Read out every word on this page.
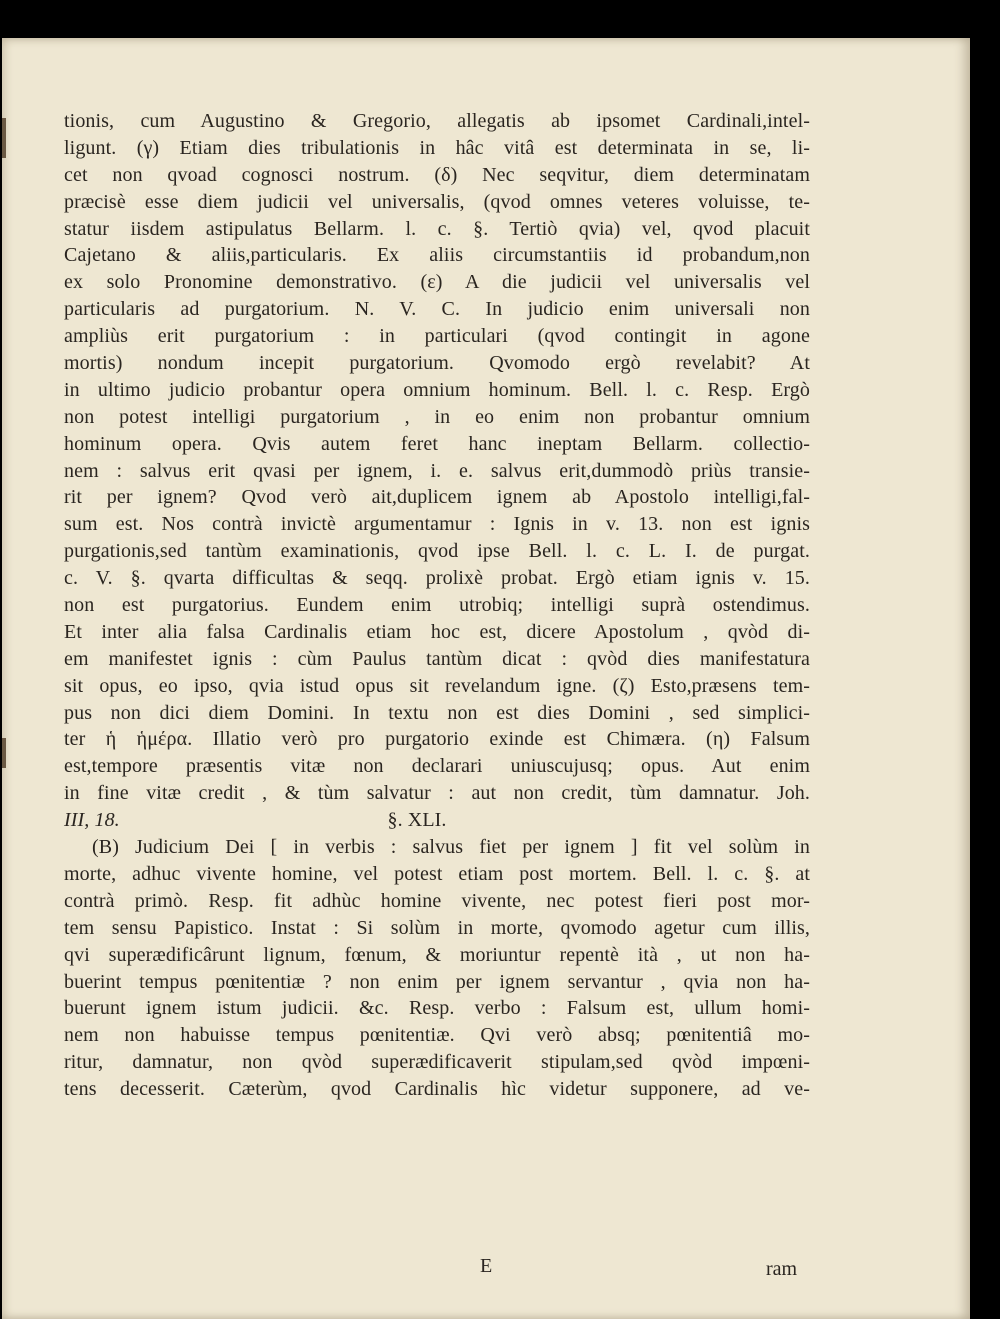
tionis, cum Augustino & Gregorio, allegatis ab ipsomet Cardinali,intel-
ligunt. (γ) Etiam dies tribulationis in hâc vitâ est determinata in se, li-
cet non qvoad cognosci nostrum. (δ) Nec seqvitur, diem determinatam
præcisè esse diem judicii vel universalis, (qvod omnes veteres voluisse, te-
statur iisdem astipulatus Bellarm. l. c. §. Tertiò qvia) vel, qvod placuit
Cajetano & aliis,particularis. Ex aliis circumstantiis id probandum,non
ex solo Pronomine demonstrativo. (ε) A die judicii vel universalis vel
particularis ad purgatorium. N. V. C. In judicio enim universali non
ampliùs erit purgatorium : in particulari (qvod contingit in agone
mortis) nondum incepit purgatorium. Qvomodo ergò revelabit? At
in ultimo judicio probantur opera omnium hominum. Bell. l. c. Resp. Ergò
non potest intelligi purgatorium , in eo enim non probantur omnium
hominum opera. Qvis autem feret hanc ineptam Bellarm. collectio-
nem : salvus erit qvasi per ignem, i. e. salvus erit,dummodò priùs transie-
rit per ignem? Qvod verò ait,duplicem ignem ab Apostolo intelligi,fal-
sum est. Nos contrà invictè argumentamur : Ignis in v. 13. non est ignis
purgationis,sed tantùm examinationis, qvod ipse Bell. l. c. L. I. de purgat.
c. V. §. qvarta difficultas & seqq. prolixè probat. Ergò etiam ignis v. 15.
non est purgatorius. Eundem enim utrobiq; intelligi suprà ostendimus.
Et inter alia falsa Cardinalis etiam hoc est, dicere Apostolum , qvòd di-
em manifestet ignis : cùm Paulus tantùm dicat : qvòd dies manifestatura
sit opus, eo ipso, qvia istud opus sit revelandum igne. (ζ) Esto,præsens tem-
pus non dici diem Domini. In textu non est dies Domini , sed simplici-
ter ἡ ἡμέρα. Illatio verò pro purgatorio exinde est Chimæra. (η) Falsum
est,tempore præsentis vitæ non declarari uniuscujusq; opus. Aut enim
in fine vitæ credit , & tùm salvatur : aut non credit, tùm damnatur. Joh.
III, 18.	§. XLI.
(B) Judicium Dei [ in verbis : salvus fiet per ignem ] fit vel solùm in
morte, adhuc vivente homine, vel potest etiam post mortem. Bell. l. c. §. at
contrà primò. Resp. fit adhùc homine vivente, nec potest fieri post mor-
tem sensu Papistico. Instat : Si solùm in morte, qvomodo agetur cum illis,
qvi superædificârunt lignum, fœnum, & moriuntur repentè ità , ut non ha-
buerint tempus pœnitentiæ ? non enim per ignem servantur , qvia non ha-
buerunt ignem istum judicii. &c. Resp. verbo : Falsum est, ullum homi-
nem non habuisse tempus pœnitentiæ. Qvi verò absq; pœnitentiâ mo-
ritur, damnatur, non qvòd superædificaverit stipulam,sed qvòd impœni-
tens decesserit. Cæterùm, qvod Cardinalis hìc videtur supponere, ad ve-
E	ram
